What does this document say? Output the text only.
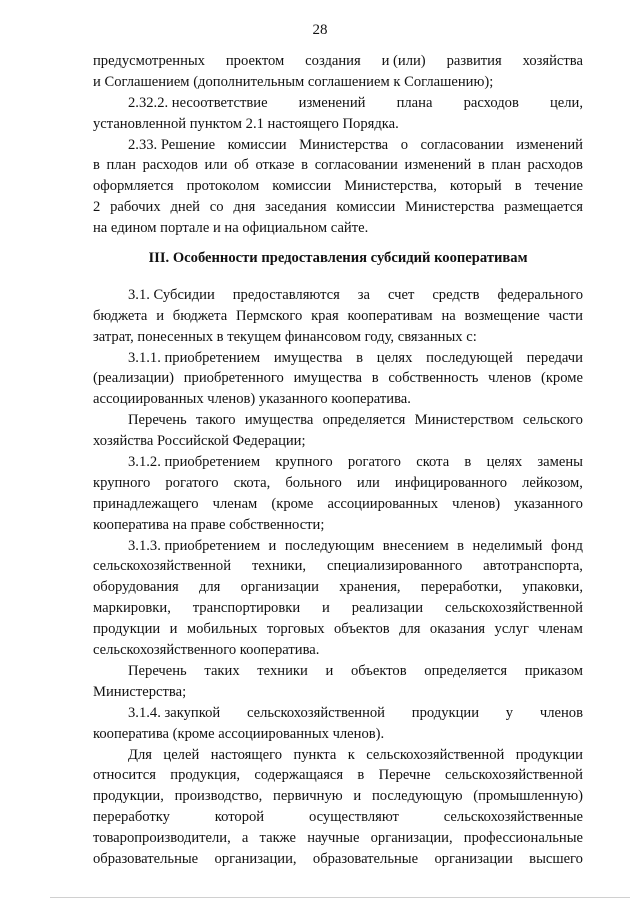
28
предусмотренных проектом создания и (или) развития хозяйства
и Соглашением (дополнительным соглашением к Соглашению);
2.32.2. несоответствие изменений плана расходов цели,
установленной пунктом 2.1 настоящего Порядка.
2.33. Решение комиссии Министерства о согласовании изменений
в план расходов или об отказе в согласовании изменений в план расходов
оформляется протоколом комиссии Министерства, который в течение
2 рабочих дней со дня заседания комиссии Министерства размещается
на едином портале и на официальном сайте.
III. Особенности предоставления субсидий кооперативам
3.1. Субсидии предоставляются за счет средств федерального
бюджета и бюджета Пермского края кооперативам на возмещение части
затрат, понесенных в текущем финансовом году, связанных с:
3.1.1. приобретением имущества в целях последующей передачи
(реализации) приобретенного имущества в собственность членов (кроме
ассоциированных членов) указанного кооператива.
Перечень такого имущества определяется Министерством сельского
хозяйства Российской Федерации;
3.1.2. приобретением крупного рогатого скота в целях замены
крупного рогатого скота, больного или инфицированного лейкозом,
принадлежащего членам (кроме ассоциированных членов) указанного
кооператива на праве собственности;
3.1.3. приобретением и последующим внесением в неделимый фонд
сельскохозяйственной техники, специализированного автотранспорта,
оборудования для организации хранения, переработки, упаковки,
маркировки, транспортировки и реализации сельскохозяйственной
продукции и мобильных торговых объектов для оказания услуг членам
сельскохозяйственного кооператива.
Перечень таких техники и объектов определяется приказом
Министерства;
3.1.4. закупкой сельскохозяйственной продукции у членов
кооператива (кроме ассоциированных членов).
Для целей настоящего пункта к сельскохозяйственной продукции
относится продукция, содержащаяся в Перечне сельскохозяйственной
продукции, производство, первичную и последующую (промышленную)
переработку	которой	осуществляют	сельскохозяйственные
товаропроизводители, а также научные организации, профессиональные
образовательные организации, образовательные организации высшего
